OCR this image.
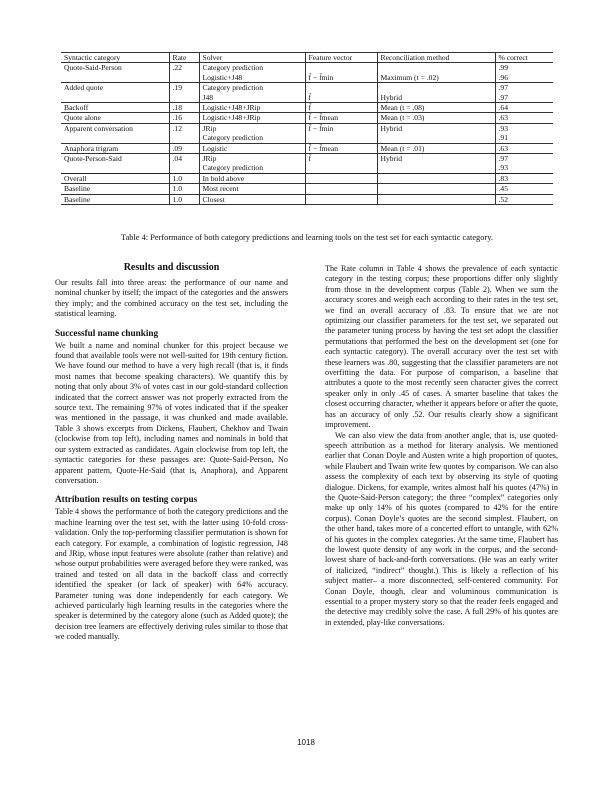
Syntactic category	Rate	Solver	Feature vector	Reconciliation method	% correct
Quote-Said-Person	.22	Category prediction			.99
		Logistic+J48	f̄ − f̄min	Maximum (t = .02)	.96
Added quote	.19	Category prediction			.97
		J48	f̄	Hybrid	.97
Backoff	.18	Logistic+J48+JRip	f̄	Mean (t = .08)	.64
Quote alone	.16	Logistic+J48+JRip	f̄ − f̄mean	Mean (t = .03)	.63
Apparent conversation	.12	JRip	f̄ − f̄min	Hybrid	.93
		Category prediction			.91
Anaphora trigram	.09	Logistic	f̄ − f̄mean	Mean (t = .01)	.63
Quote-Person-Said	.04	JRip	f̄	Hybrid	.97
		Category prediction			.93
Overall	1.0	In bold above			.83
Baseline	1.0	Most recent			.45
Baseline	1.0	Closest			.52
Table 4: Performance of both category predictions and learning tools on the test set for each syntactic category.
Results and discussion

Our results fall into three areas: the performance of our name and nominal chunker by itself; the impact of the categories and the answers they imply; and the combined accuracy on the test set, including the statistical learning.

Successful name chunking

We built a name and nominal chunker for this project because we found that available tools were not well-suited for 19th century fiction. We have found our method to have a very high recall (that is, it finds most names that become speaking characters). We quantify this by noting that only about 3% of votes cast in our gold-standard collection indicated that the correct answer was not properly extracted from the source text. The remaining 97% of votes indicated that if the speaker was mentioned in the passage, it was chunked and made available. Table 3 shows excerpts from Dickens, Flaubert, Chekhov and Twain (clockwise from top left), including names and nominals in bold that our system extracted as candidates. Again clockwise from top left, the syntactic categories for these passages are: Quote-Said-Person, No apparent pattern, Quote-He-Said (that is, Anaphora), and Apparent conversation.

Attribution results on testing corpus

Table 4 shows the performance of both the category predictions and the machine learning over the test set, with the latter using 10-fold cross-validation. Only the top-performing classifier permutation is shown for each category. For example, a combination of logistic regression, J48 and JRip, whose input features were absolute (rather than relative) and whose output probabilities were averaged before they were ranked, was trained and tested on all data in the backoff class and correctly identified the speaker (or lack of speaker) with 64% accuracy. Parameter tuning was done independently for each category. We achieved particularly high learning results in the categories where the speaker is determined by the category alone (such as Added quote); the decision tree learners are effectively deriving rules similar to those that we coded manually.

The Rate column in Table 4 shows the prevalence of each syntactic category in the testing corpus; these proportions differ only slightly from those in the development corpus (Table 2). When we sum the accuracy scores and weigh each according to their rates in the test set, we find an overall accuracy of .83. To ensure that we are not optimizing our classifier parameters for the test set, we separated out the parameter tuning process by having the test set adopt the classifier permutations that performed the best on the development set (one for each syntactic category). The overall accuracy over the test set with these learners was .80, suggesting that the classifier parameters are not overfitting the data. For purpose of comparison, a baseline that attributes a quote to the most recently seen character gives the correct speaker only in only .45 of cases. A smarter baseline that takes the closest occurring character, whether it appears before or after the quote, has an accuracy of only .52. Our results clearly show a significant improvement.

We can also view the data from another angle, that is, use quoted-speech attribution as a method for literary analysis. We mentioned earlier that Conan Doyle and Austen write a high proportion of quotes, while Flaubert and Twain write few quotes by comparison. We can also assess the complexity of each text by observing its style of quoting dialogue. Dickens, for example, writes almost half his quotes (47%) in the Quote-Said-Person category; the three “complex” categories only make up only 14% of his quotes (compared to 42% for the entire corpus). Conan Doyle’s quotes are the second simplest. Flaubert, on the other hand, takes more of a concerted effort to untangle, with 62% of his quotes in the complex categories. At the same time, Flaubert has the lowest quote density of any work in the corpus, and the second-lowest share of back-and-forth conversations. (He was an early writer of italicized, “indirect” thought.) This is likely a reflection of his subject matter– a more disconnected, self-centered community. For Conan Doyle, though, clear and voluminous communication is essential to a proper mystery story so that the reader feels engaged and the detective may credibly solve the case. A full 29% of his quotes are in extended, play-like conversations.

1018
